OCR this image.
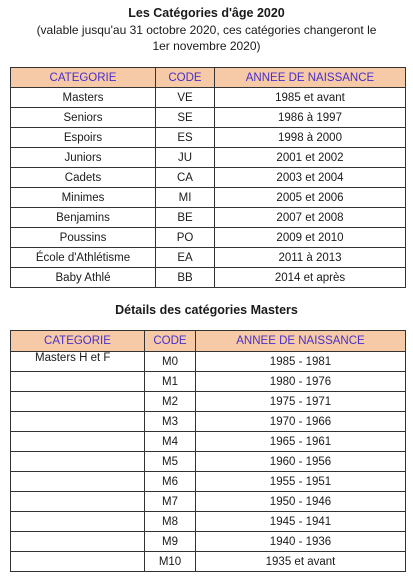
Les Catégories d'âge 2020
(valable jusqu'au 31 octobre 2020, ces catégories changeront le
1er novembre 2020)
CATEGORIE	CODE	ANNEE DE NAISSANCE
Masters	VE	1985 et avant
Seniors	SE	1986 à 1997
Espoirs	ES	1998 à 2000
Juniors	JU	2001 et 2002
Cadets	CA	2003 et 2004
Minimes	MI	2005 et 2006
Benjamins	BE	2007 et 2008
Poussins	PO	2009 et 2010
École d'Athlétisme	EA	2011 à 2013
Baby Athlé	BB	2014 et après
Détails des catégories Masters
CATEGORIE	CODE	ANNEE DE NAISSANCE
Masters H et F	M0	1985 - 1981
	M1	1980 - 1976
	M2	1975 - 1971
	M3	1970 - 1966
	M4	1965 - 1961
	M5	1960 - 1956
	M6	1955 - 1951
	M7	1950 - 1946
	M8	1945 - 1941
	M9	1940 - 1936
	M10	1935 et avant
